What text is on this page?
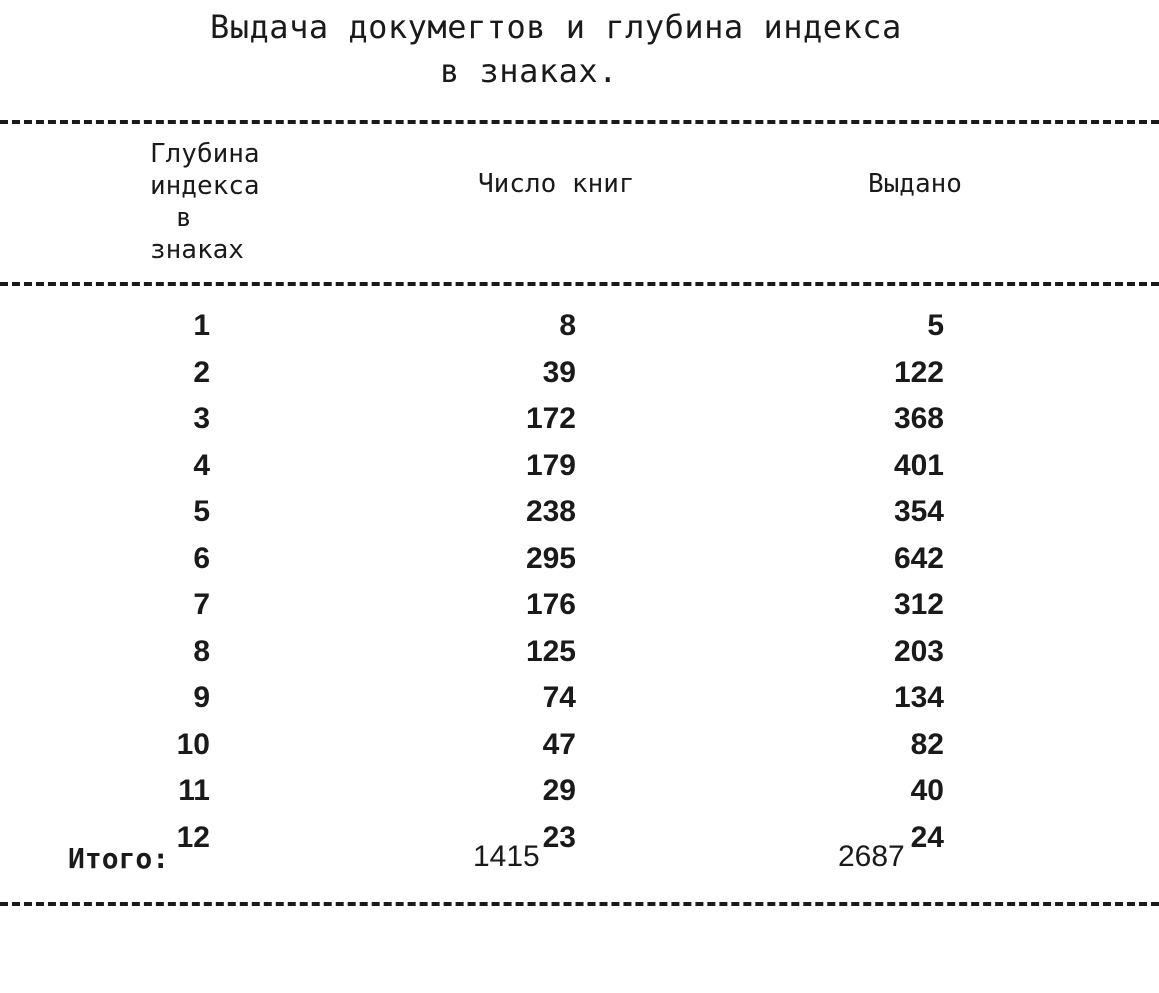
Выдача докумегтов и глубина индекса
в знаках.
Глубина
индекса
в
знаках
Число книг	Выдано
1	8	5
2	39	122
3	172	368
4	179	401
5	238	354
6	295	642
7	176	312
8	125	203
9	74	134
10	47	82
11	29	40
12	23	24
Итого:	1415	2687
